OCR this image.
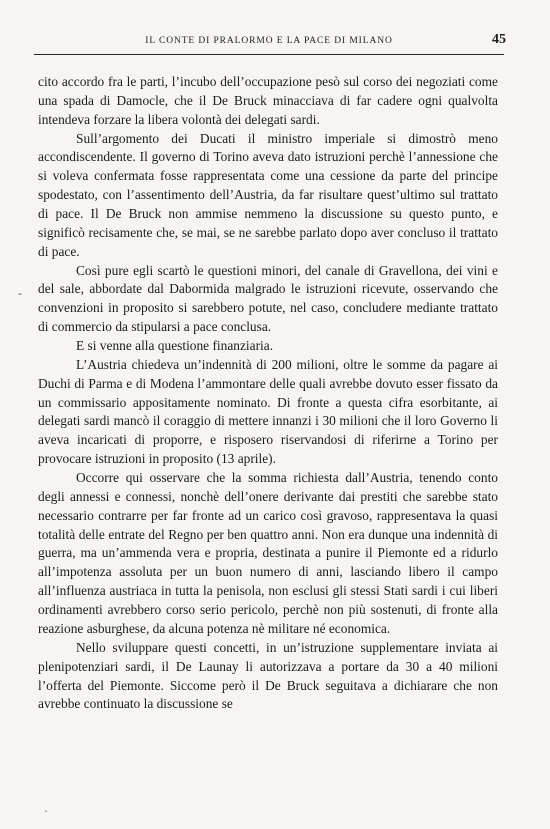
IL CONTE DI PRALORMO E LA PACE DI MILANO	45

cito accordo fra le parti, l’incubo dell’occupazione pesò sul corso dei negoziati come una spada di Damocle, che il De Bruck minacciava di far cadere ogni qualvolta intendeva forzare la libera volontà dei delegati sardi.

Sull’argomento dei Ducati il ministro imperiale si dimostrò meno accondiscendente. Il governo di Torino aveva dato istruzioni perchè l’annessione che si voleva confermata fosse rappresentata come una cessione da parte del principe spodestato, con l’assentimento dell’Austria, da far risultare quest’ultimo sul trattato di pace. Il De Bruck non ammise nemmeno la discussione su questo punto, e significò recisamente che, se mai, se ne sarebbe parlato dopo aver concluso il trattato di pace.

Così pure egli scartò le questioni minori, del canale di Gravellona, dei vini e del sale, abbordate dal Dabormida malgrado le istruzioni ricevute, osservando che convenzioni in proposito si sarebbero potute, nel caso, concludere mediante trattato di commercio da stipularsi a pace conclusa.

E si venne alla questione finanziaria.

L’Austria chiedeva un’indennità di 200 milioni, oltre le somme da pagare ai Duchi di Parma e di Modena l’ammontare delle quali avrebbe dovuto esser fissato da un commissario appositamente nominato. Di fronte a questa cifra esorbitante, ai delegati sardi mancò il coraggio di mettere innanzi i 30 milioni che il loro Governo li aveva incaricati di proporre, e risposero riservandosi di riferirne a Torino per provocare istruzioni in proposito (13 aprile).

Occorre qui osservare che la somma richiesta dall’Austria, tenendo conto degli annessi e connessi, nonchè dell’onere derivante dai prestiti che sarebbe stato necessario contrarre per far fronte ad un carico così gravoso, rappresentava la quasi totalità delle entrate del Regno per ben quattro anni. Non era dunque una indennità di guerra, ma un’ammenda vera e propria, destinata a punire il Piemonte ed a ridurlo all’impotenza assoluta per un buon numero di anni, lasciando libero il campo all’influenza austriaca in tutta la penisola, non esclusi gli stessi Stati sardi i cui liberi ordinamenti avrebbero corso serio pericolo, perchè non più sostenuti, di fronte alla reazione asburghese, da alcuna potenza nè militare né economica.

Nello sviluppare questi concetti, in un’istruzione supplementare inviata ai plenipotenziari sardi, il De Launay li autorizzava a portare da 30 a 40 milioni l’offerta del Piemonte. Siccome però il De Bruck seguitava a dichiarare che non avrebbe continuato la discussione se

-
·
